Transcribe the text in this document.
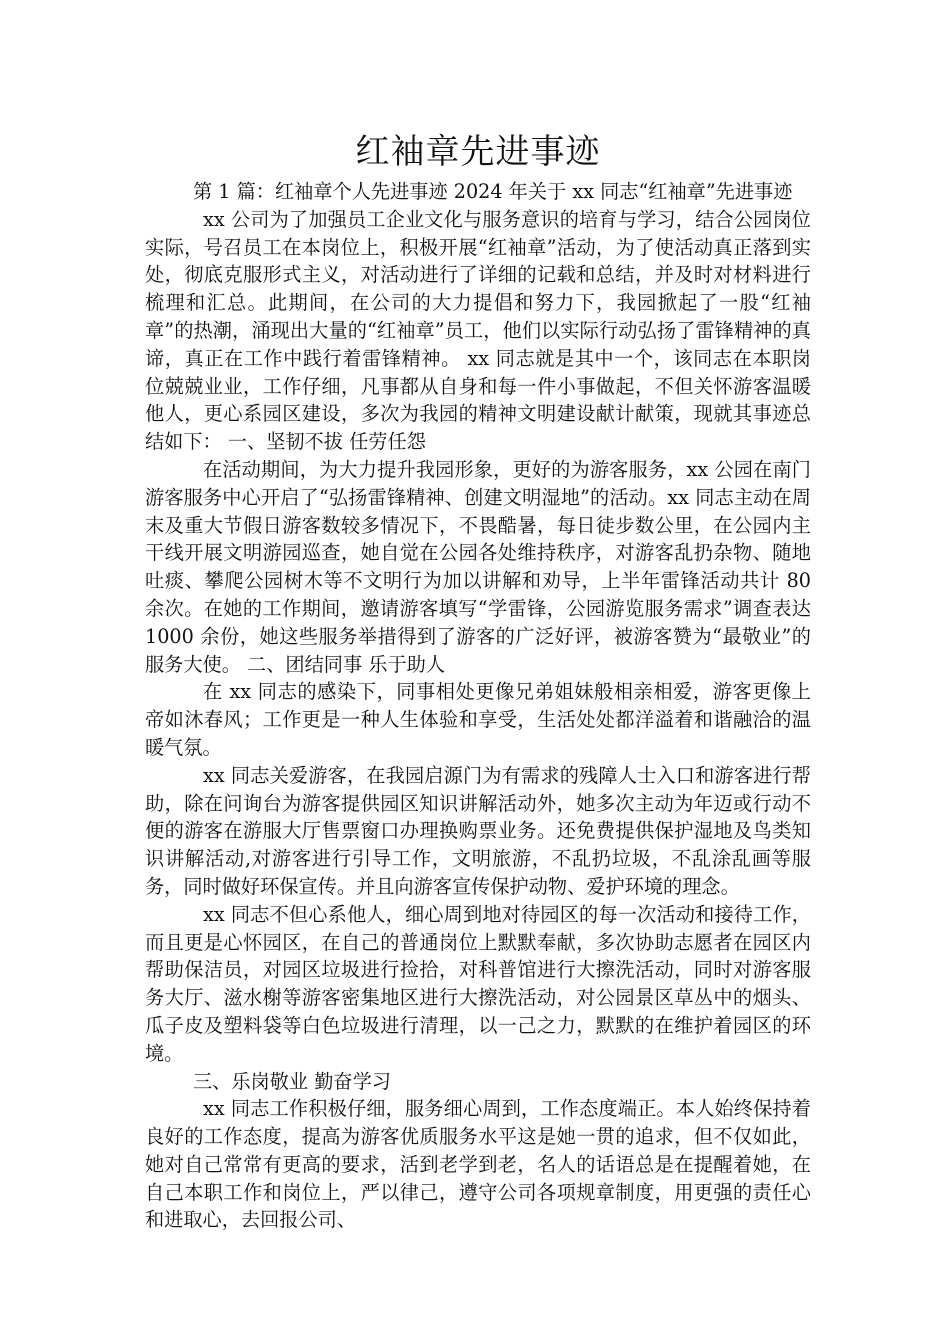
红袖章先进事迹

第 1 篇：红袖章个人先进事迹 2024 年关于 xx 同志“红袖章”先进事迹

xx 公司为了加强员工企业文化与服务意识的培育与学习，结合公园岗位实际，号召员工在本岗位上，积极开展“红袖章”活动，为了使活动真正落到实处，彻底克服形式主义，对活动进行了详细的记载和总结，并及时对材料进行梳理和汇总。此期间，在公司的大力提倡和努力下，我园掀起了一股“红袖章”的热潮，涌现出大量的“红袖章”员工，他们以实际行动弘扬了雷锋精神的真谛，真正在工作中践行着雷锋精神。 xx 同志就是其中一个，该同志在本职岗位兢兢业业，工作仔细，凡事都从自身和每一件小事做起，不但关怀游客温暖他人，更心系园区建设，多次为我园的精神文明建设献计献策，现就其事迹总结如下： 一、坚韧不拔 任劳任怨

在活动期间，为大力提升我园形象，更好的为游客服务，xx 公园在南门游客服务中心开启了“弘扬雷锋精神、创建文明湿地”的活动。xx 同志主动在周末及重大节假日游客数较多情况下，不畏酷暑，每日徒步数公里，在公园内主干线开展文明游园巡查，她自觉在公园各处维持秩序，对游客乱扔杂物、随地吐痰、攀爬公园树木等不文明行为加以讲解和劝导，上半年雷锋活动共计 80 余次。在她的工作期间，邀请游客填写“学雷锋，公园游览服务需求”调查表达 1000 余份，她这些服务举措得到了游客的广泛好评，被游客赞为“最敬业”的服务大使。 二、团结同事 乐于助人

在 xx 同志的感染下，同事相处更像兄弟姐妹般相亲相爱，游客更像上帝如沐春风；工作更是一种人生体验和享受，生活处处都洋溢着和谐融洽的温暖气氛。

xx 同志关爱游客，在我园启源门为有需求的残障人士入口和游客进行帮助，除在问询台为游客提供园区知识讲解活动外，她多次主动为年迈或行动不便的游客在游服大厅售票窗口办理换购票业务。还免费提供保护湿地及鸟类知识讲解活动,对游客进行引导工作，文明旅游，不乱扔垃圾，不乱涂乱画等服务，同时做好环保宣传。并且向游客宣传保护动物、爱护环境的理念。

xx 同志不但心系他人，细心周到地对待园区的每一次活动和接待工作，而且更是心怀园区，在自己的普通岗位上默默奉献，多次协助志愿者在园区内帮助保洁员，对园区垃圾进行捡拾，对科普馆进行大擦洗活动，同时对游客服务大厅、滋水榭等游客密集地区进行大擦洗活动，对公园景区草丛中的烟头、瓜子皮及塑料袋等白色垃圾进行清理，以一己之力，默默的在维护着园区的环境。

三、乐岗敬业 勤奋学习

xx 同志工作积极仔细，服务细心周到，工作态度端正。本人始终保持着良好的工作态度，提高为游客优质服务水平这是她一贯的追求，但不仅如此，她对自己常常有更高的要求，活到老学到老，名人的话语总是在提醒着她，在自己本职工作和岗位上，严以律己，遵守公司各项规章制度，用更强的责任心和进取心，去回报公司、
